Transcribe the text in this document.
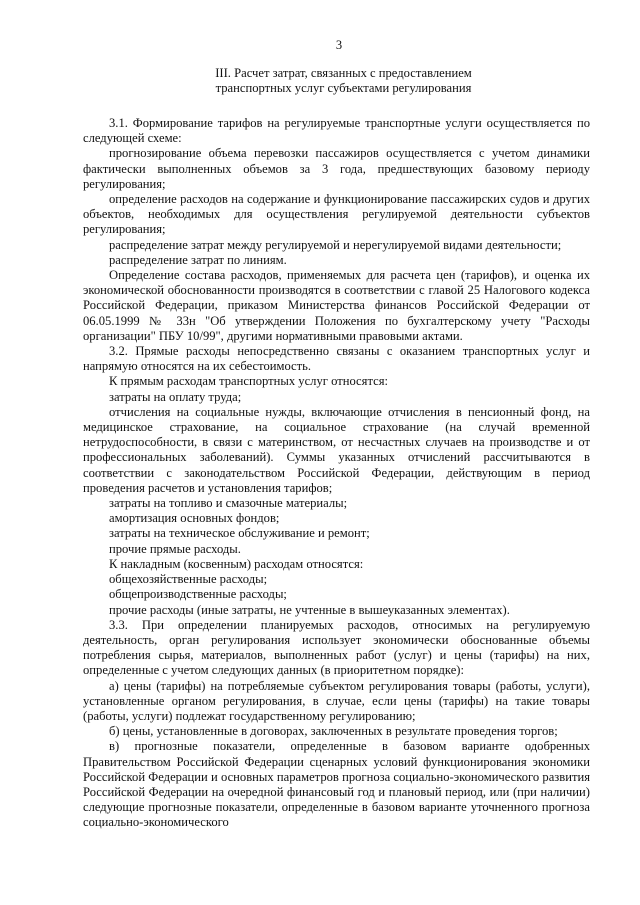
3
III. Расчет затрат, связанных с предоставлением
транспортных услуг субъектами регулирования

3.1. Формирование тарифов на регулируемые транспортные услуги осуществляется по следующей схеме:

прогнозирование объема перевозки пассажиров осуществляется с учетом динамики фактически выполненных объемов за 3 года, предшествующих базовому периоду регулирования;

определение расходов на содержание и функционирование пассажирских судов и других объектов, необходимых для осуществления регулируемой деятельности субъектов регулирования;

распределение затрат между регулируемой и нерегулируемой видами деятельности;

распределение затрат по линиям.

Определение состава расходов, применяемых для расчета цен (тарифов), и оценка их экономической обоснованности производятся в соответствии с главой 25 Налогового кодекса Российской Федерации, приказом Министерства финансов Российской Федерации от 06.05.1999 № 33н "Об утверждении Положения по бухгалтерскому учету "Расходы организации" ПБУ 10/99", другими нормативными правовыми актами.

3.2. Прямые расходы непосредственно связаны с оказанием транспортных услуг и напрямую относятся на их себестоимость.

К прямым расходам транспортных услуг относятся:

затраты на оплату труда;

отчисления на социальные нужды, включающие отчисления в пенсионный фонд, на медицинское страхование, на социальное страхование (на случай временной нетрудоспособности, в связи с материнством, от несчастных случаев на производстве и от профессиональных заболеваний). Суммы указанных отчислений рассчитываются в соответствии с законодательством Российской Федерации, действующим в период проведения расчетов и установления тарифов;

затраты на топливо и смазочные материалы;

амортизация основных фондов;

затраты на техническое обслуживание и ремонт;

прочие прямые расходы.

К накладным (косвенным) расходам относятся:

общехозяйственные расходы;

общепроизводственные расходы;

прочие расходы (иные затраты, не учтенные в вышеуказанных элементах).

3.3. При определении планируемых расходов, относимых на регулируемую деятельность, орган регулирования использует экономически обоснованные объемы потребления сырья, материалов, выполненных работ (услуг) и цены (тарифы) на них, определенные с учетом следующих данных (в приоритетном порядке):

а) цены (тарифы) на потребляемые субъектом регулирования товары (работы, услуги), установленные органом регулирования, в случае, если цены (тарифы) на такие товары (работы, услуги) подлежат государственному регулированию;

б) цены, установленные в договорах, заключенных в результате проведения торгов;

в) прогнозные показатели, определенные в базовом варианте одобренных Правительством Российской Федерации сценарных условий функционирования экономики Российской Федерации и основных параметров прогноза социально-экономического развития Российской Федерации на очередной финансовый год и плановый период, или (при наличии) следующие прогнозные показатели, определенные в базовом варианте уточненного прогноза социально-экономического
